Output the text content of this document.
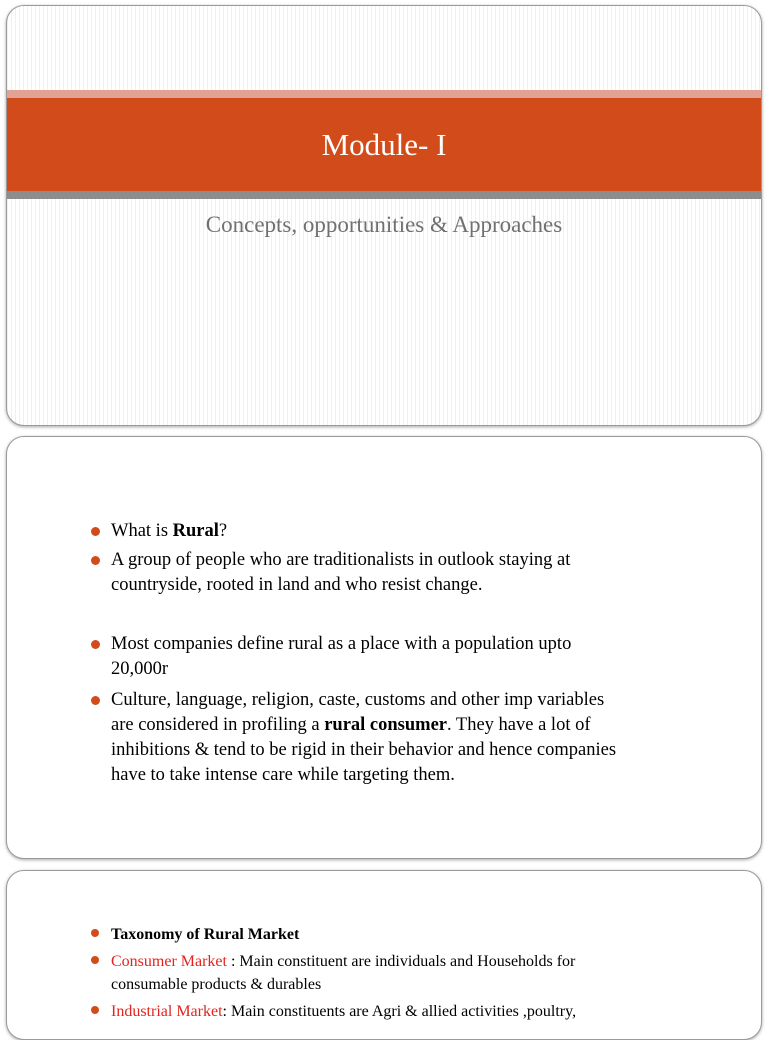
Module- I
Concepts, opportunities & Approaches
What is Rural?
A group of people who are traditionalists in outlook staying at
countryside, rooted in land and who resist change.
Most companies define rural as a place with a population upto
20,000r
Culture, language, religion, caste, customs and other imp variables
are considered in profiling a rural consumer. They have a lot of
inhibitions & tend to be rigid in their behavior and hence companies
have to take intense care while targeting them.
Taxonomy of Rural Market
Consumer Market : Main constituent are individuals and Households for
consumable products & durables
Industrial Market: Main constituents are Agri & allied activities ,poultry,
